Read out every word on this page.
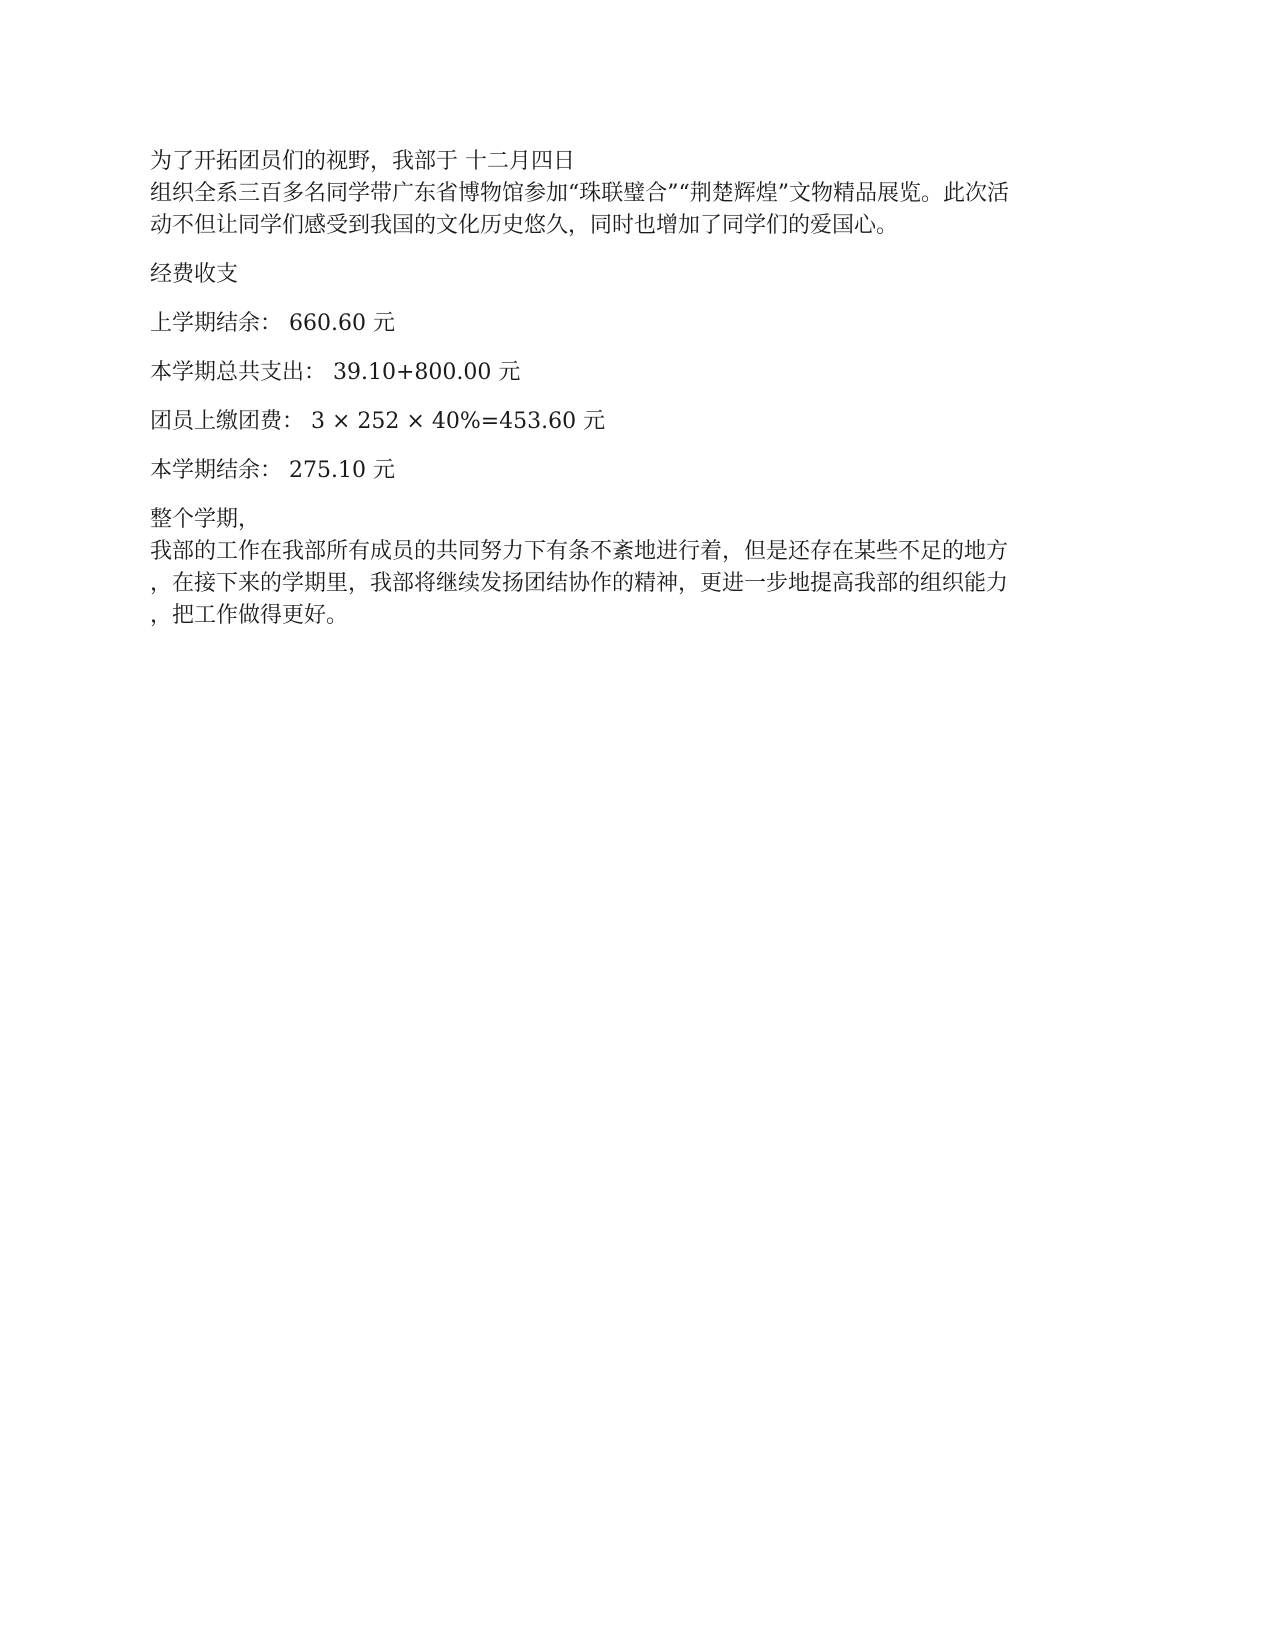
为了开拓团员们的视野，我部于 十二月四日
组织全系三百多名同学带广东省博物馆参加“珠联璧合”“荆楚辉煌”文物精品展览。此次活
动不但让同学们感受到我国的文化历史悠久，同时也增加了同学们的爱国心。

经费收支

上学期结余： 660.60 元

本学期总共支出： 39.10+800.00 元

团员上缴团费： 3 × 252 × 40%=453.60 元

本学期结余： 275.10 元

整个学期，
我部的工作在我部所有成员的共同努力下有条不紊地进行着，但是还存在某些不足的地方
，在接下来的学期里，我部将继续发扬团结协作的精神，更进一步地提高我部的组织能力
，把工作做得更好。
